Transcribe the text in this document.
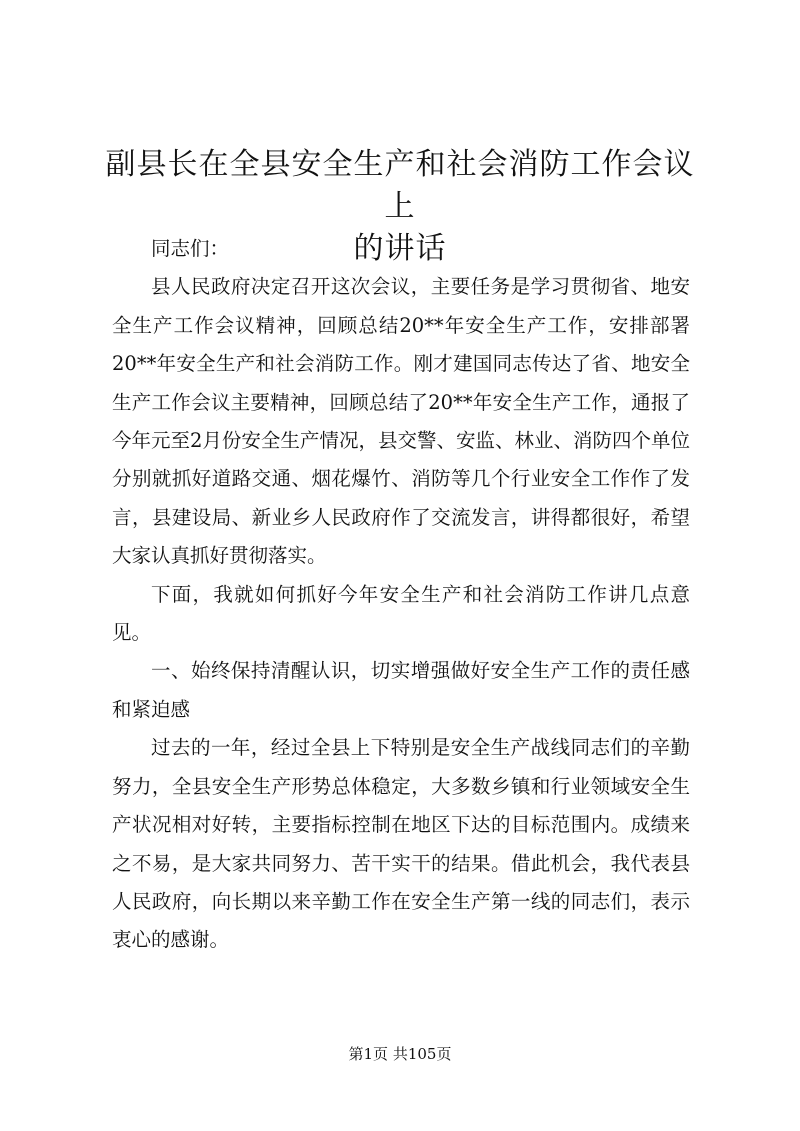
副县长在全县安全生产和社会消防工作会议上
的讲话

同志们：

县人民政府决定召开这次会议，主要任务是学习贯彻省、地安全生产工作会议精神，回顾总结20**年安全生产工作，安排部署20**年安全生产和社会消防工作。刚才建国同志传达了省、地安全生产工作会议主要精神，回顾总结了20**年安全生产工作，通报了今年元至2月份安全生产情况，县交警、安监、林业、消防四个单位分别就抓好道路交通、烟花爆竹、消防等几个行业安全工作作了发言，县建设局、新业乡人民政府作了交流发言，讲得都很好，希望大家认真抓好贯彻落实。

下面，我就如何抓好今年安全生产和社会消防工作讲几点意见。

一、始终保持清醒认识，切实增强做好安全生产工作的责任感和紧迫感

过去的一年，经过全县上下特别是安全生产战线同志们的辛勤努力，全县安全生产形势总体稳定，大多数乡镇和行业领域安全生产状况相对好转，主要指标控制在地区下达的目标范围内。成绩来之不易，是大家共同努力、苦干实干的结果。借此机会，我代表县人民政府，向长期以来辛勤工作在安全生产第一线的同志们，表示衷心的感谢。

第1页 共105页
